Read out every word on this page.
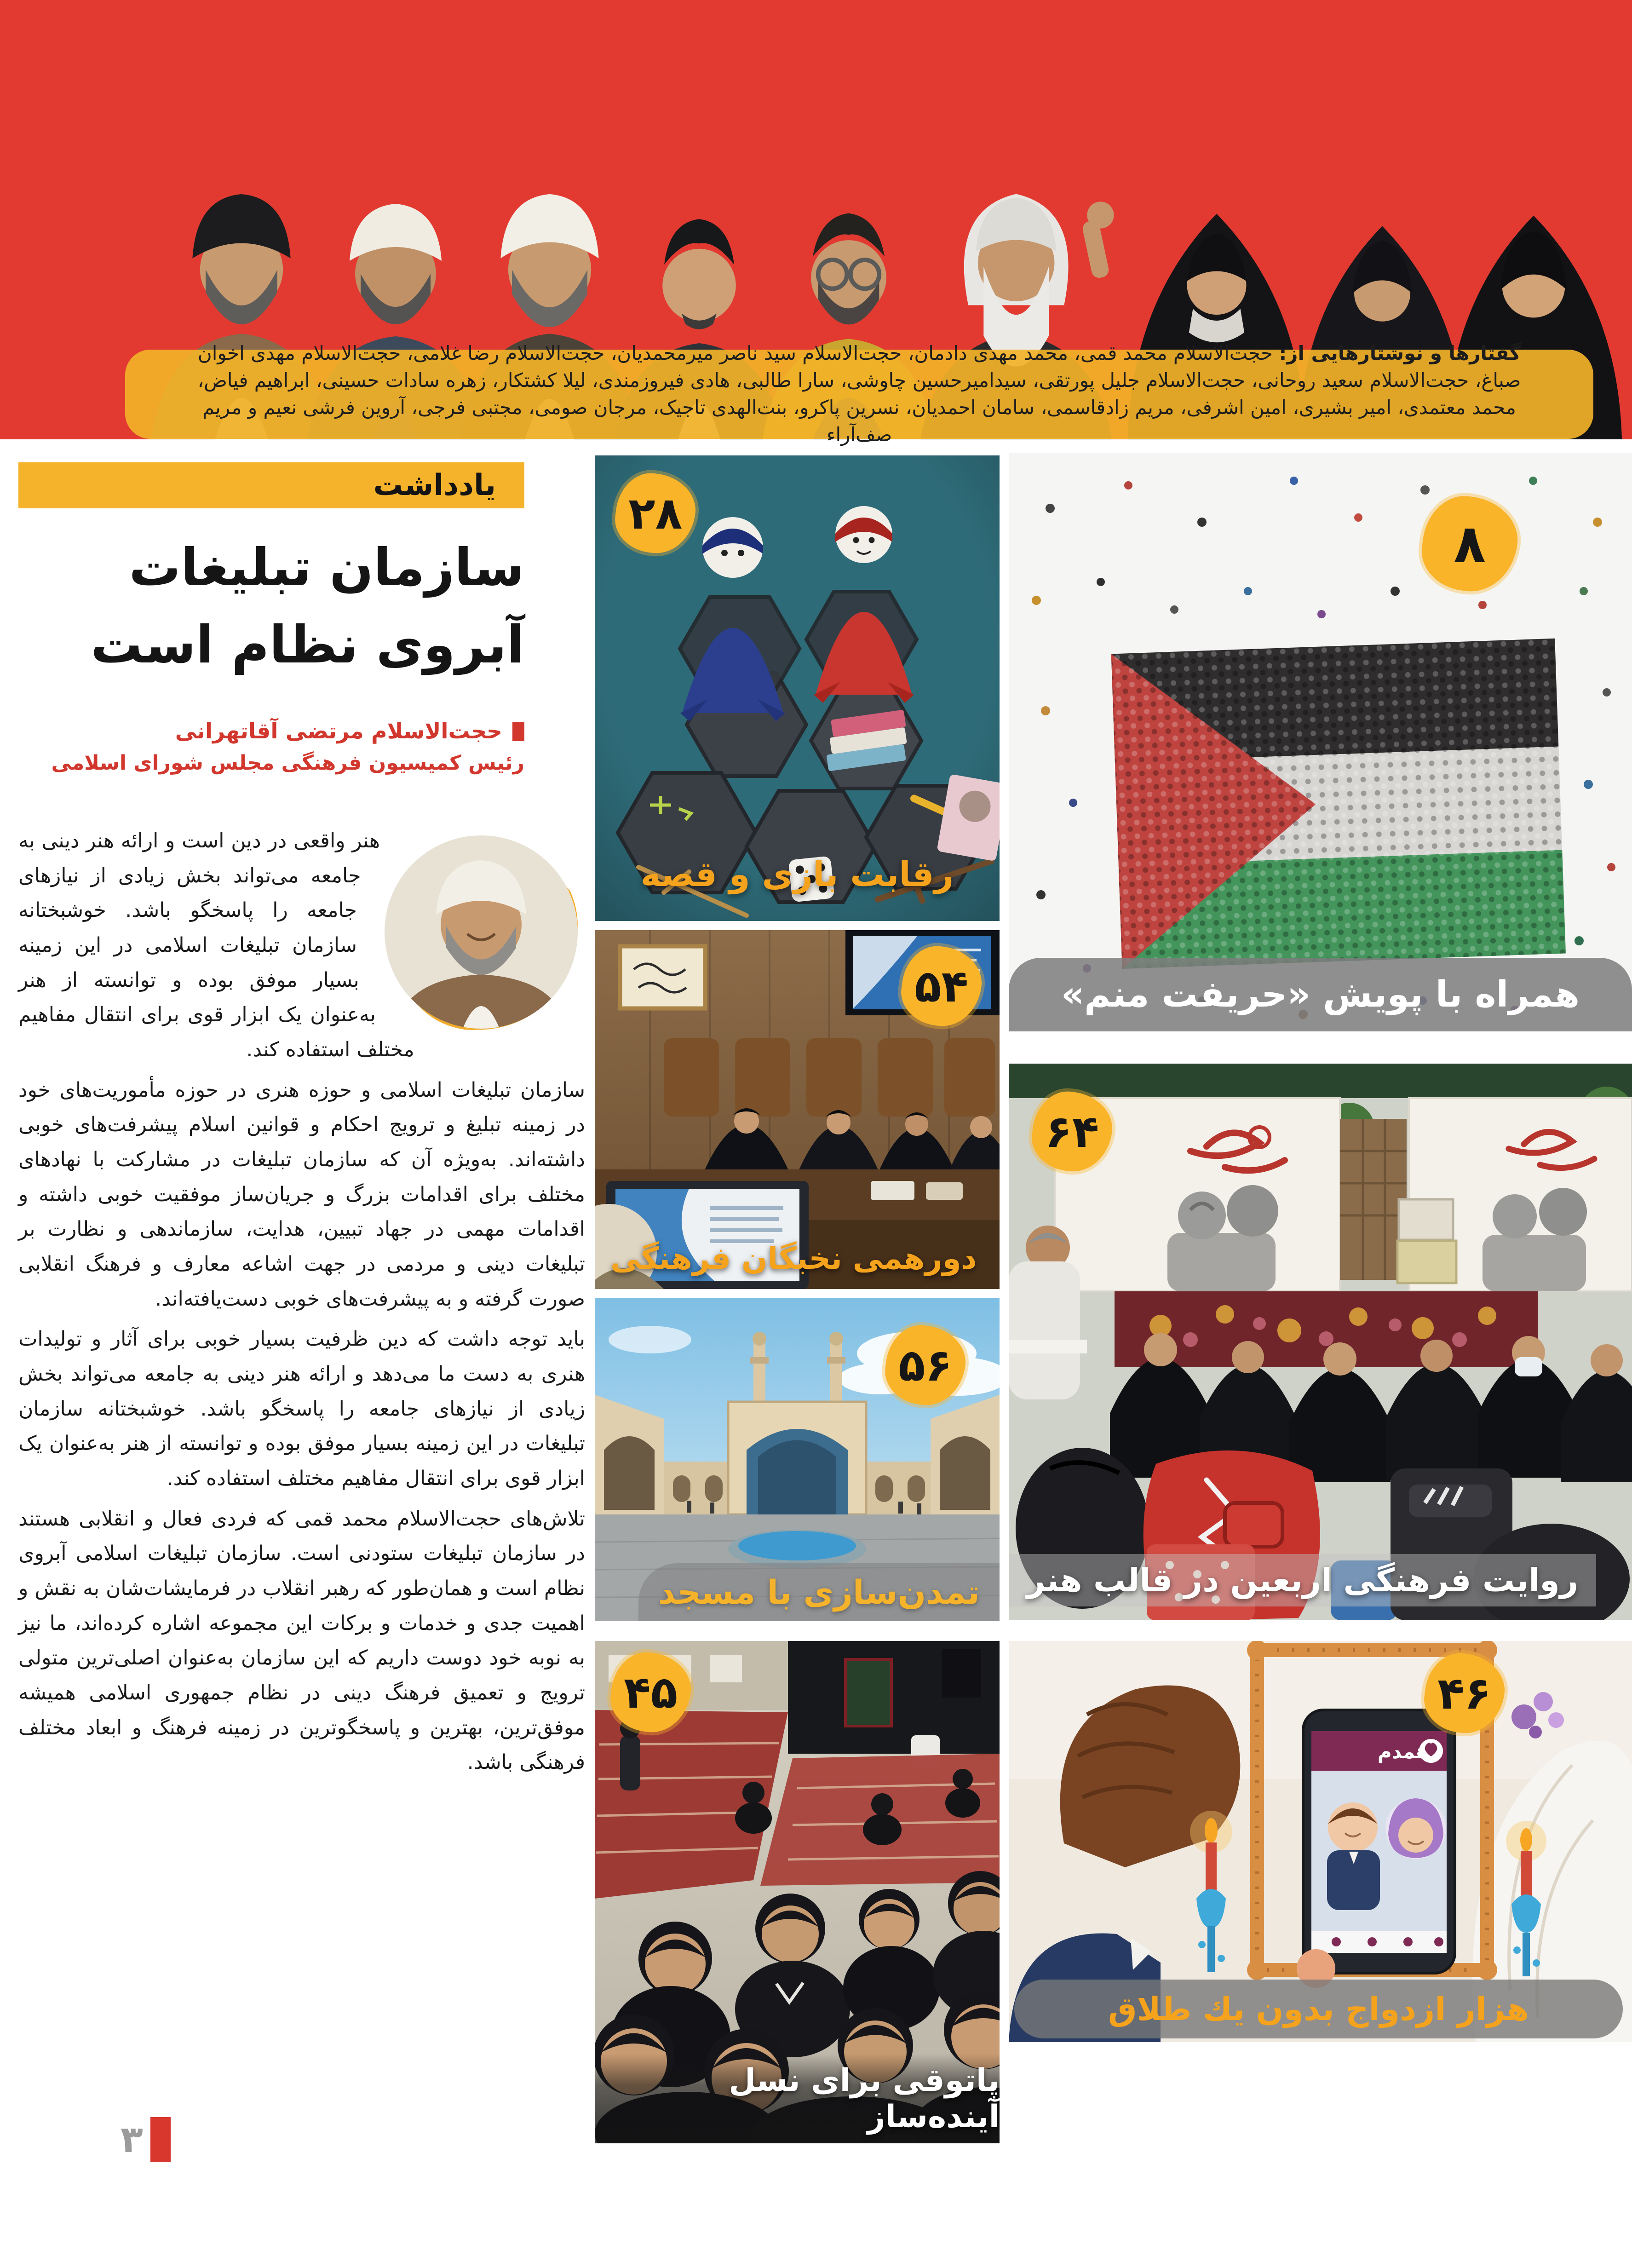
گفتارها و نوشتارهایی از: حجت‌الاسلام محمد قمی، محمد مهدی دادمان، حجت‌الاسلام سید ناصر میرمحمدیان، حجت‌الاسلام رضا غلامی، حجت‌الاسلام مهدی اخوان صباغ، حجت‌الاسلام سعید روحانی، حجت‌الاسلام جلیل پورتقی، سیدامیرحسین چاوشی، سارا طالبی، هادی فیروزمندی، لیلا کشتکار، زهره سادات حسینی، ابراهیم فیاض، محمد معتمدی، امیر بشیری، امین اشرفی، مریم زادقاسمی، سامان احمدیان، نسرین پاکرو، بنت‌الهدی تاجیک، مرجان صومی، مجتبی فرجی، آروین فرشی نعیم و مریم صف‌آراء
یادداشت
سازمان تبلیغات
آبروی نظام است
حجت‌الاسلام مرتضی آقاتهرانی
رئیس کمیسیون فرهنگی مجلس شورای اسلامی

هنر واقعی در دین است و ارائه هنر دینی به جامعه می‌تواند بخش زیادی از نیازهای جامعه را پاسخگو باشد. خوشبختانه سازمان تبلیغات اسلامی در این زمینه بسیار موفق بوده و توانسته از هنر به‌عنوان یک ابزار قوی برای انتقال مفاهیم مختلف استفاده کند.

سازمان تبلیغات اسلامی و حوزه هنری در حوزه مأموریت‌های خود در زمینه تبلیغ و ترویج احکام و قوانین اسلام پیشرفت‌های خوبی داشته‌اند. به‌ویژه آن که سازمان تبلیغات در مشارکت با نهادهای مختلف برای اقدامات بزرگ و جریان‌ساز موفقیت خوبی داشته و اقدامات مهمی در جهاد تبیین، هدایت، سازماندهی و نظارت بر تبلیغات دینی و مردمی در جهت اشاعه معارف و فرهنگ انقلابی صورت گرفته و به پیشرفت‌های خوبی دست‌یافته‌اند.

باید توجه داشت که دین ظرفیت بسیار خوبی برای آثار و تولیدات هنری به دست ما می‌دهد و ارائه هنر دینی به جامعه می‌تواند بخش زیادی از نیازهای جامعه را پاسخگو باشد. خوشبختانه سازمان تبلیغات در این زمینه بسیار موفق بوده و توانسته از هنر به‌عنوان یک ابزار قوی برای انتقال مفاهیم مختلف استفاده کند.

تلاش‌های حجت‌الاسلام محمد قمی که فردی فعال و انقلابی هستند در سازمان تبلیغات ستودنی است. سازمان تبلیغات اسلامی آبروی نظام است و همان‌طور که رهبر انقلاب در فرمایشات‌شان به نقش و اهمیت جدی و خدمات و برکات این مجموعه اشاره کرده‌اند، ما نیز به نوبه خود دوست داریم که این سازمان به‌عنوان اصلی‌ترین متولی ترویج و تعمیق فرهنگ دینی در نظام جمهوری اسلامی همیشه موفق‌ترین، بهترین و پاسخگوترین در زمینه فرهنگ و ابعاد مختلف فرهنگی باشد.

۲۸
رقابت بازی و قصه
۸
همراه با پویش «حریفت منم»
۵۴
دورهمی نخبگان فرهنگی
۵۶
تمدن‌سازی با مسجد
۴۵
پاتوقی برای نسل آینده‌ساز
۶۴
روایت فرهنگی اربعین در قالب هنر
همدم
۴۶
هزار ازدواج بدون یك طلاق
۳
